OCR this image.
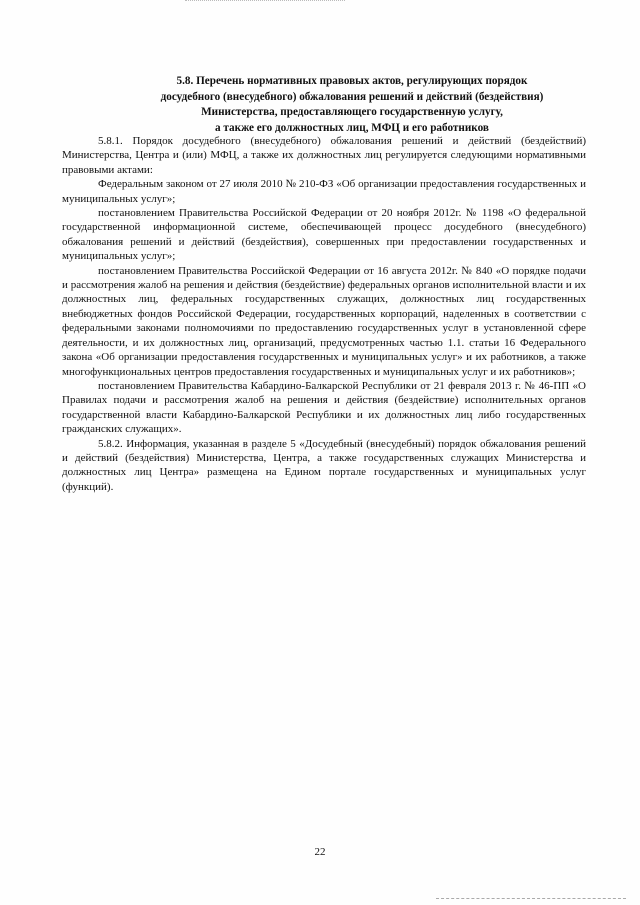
5.8. Перечень нормативных правовых актов, регулирующих порядок
досудебного (внесудебного) обжалования решений и действий (бездействия)
Министерства, предоставляющего государственную услугу,
а также его должностных лиц, МФЦ и его работников

5.8.1. Порядок досудебного (внесудебного) обжалования решений и действий (бездействий) Министерства, Центра и (или) МФЦ, а также их должностных лиц регулируется следующими нормативными правовыми актами:

Федеральным законом от 27 июля 2010 № 210-ФЗ «Об организации предоставления государственных и муниципальных услуг»;

постановлением Правительства Российской Федерации от 20 ноября 2012г. № 1198 «О федеральной государственной информационной системе, обеспечивающей процесс досудебного (внесудебного) обжалования решений и действий (бездействия), совершенных при предоставлении государственных и муниципальных услуг»;

постановлением Правительства Российской Федерации от 16 августа 2012г. № 840 «О порядке подачи и рассмотрения жалоб на решения и действия (бездействие) федеральных органов исполнительной власти и их должностных лиц, федеральных государственных служащих, должностных лиц государственных внебюджетных фондов Российской Федерации, государственных корпораций, наделенных в соответствии с федеральными законами полномочиями по предоставлению государственных услуг в установленной сфере деятельности, и их должностных лиц, организаций, предусмотренных частью 1.1. статьи 16 Федерального закона «Об организации предоставления государственных и муниципальных услуг» и их работников, а также многофункциональных центров предоставления государственных и муниципальных услуг и их работников»;

постановлением Правительства Кабардино-Балкарской Республики от 21 февраля 2013 г. № 46-ПП «О Правилах подачи и рассмотрения жалоб на решения и действия (бездействие) исполнительных органов государственной власти Кабардино-Балкарской Республики и их должностных лиц либо государственных гражданских служащих».

5.8.2. Информация, указанная в разделе 5 «Досудебный (внесудебный) порядок обжалования решений и действий (бездействия) Министерства, Центра, а также государственных служащих Министерства и должностных лиц Центра» размещена на Едином портале государственных и муниципальных услуг (функций).

22
